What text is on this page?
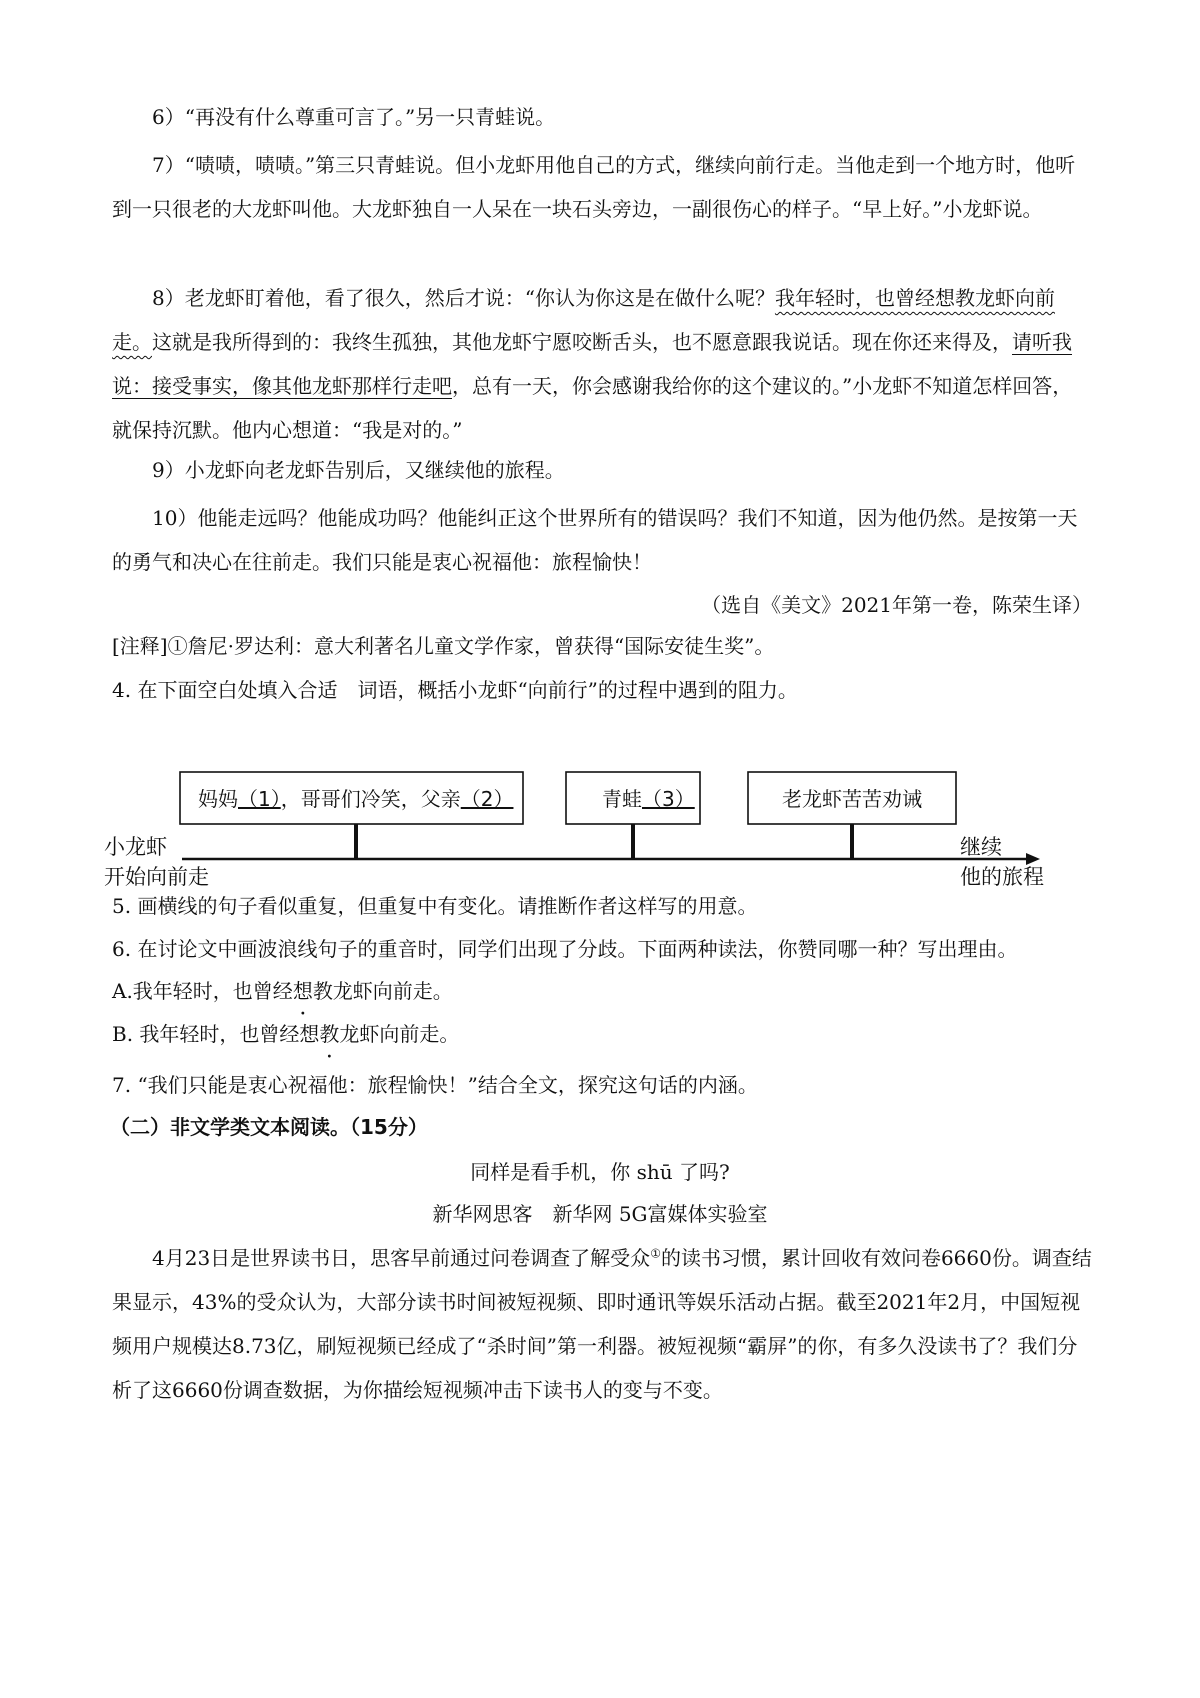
6）“再没有什么尊重可言了。”另一只青蛙说。

7）“啧啧，啧啧。”第三只青蛙说。但小龙虾用他自己的方式，继续向前行走。当他走到一个地方时，他听到一只很老的大龙虾叫他。大龙虾独自一人呆在一块石头旁边，一副很伤心的样子。“早上好。”小龙虾说。

8）老龙虾盯着他，看了很久，然后才说：“你认为你这是在做什么呢？我年轻时，也曾经想教龙虾向前走。这就是我所得到的：我终生孤独，其他龙虾宁愿咬断舌头，也不愿意跟我说话。现在你还来得及，请听我说：接受事实，像其他龙虾那样行走吧，总有一天，你会感谢我给你的这个建议的。”小龙虾不知道怎样回答，就保持沉默。他内心想道：“我是对的。”

9）小龙虾向老龙虾告别后，又继续他的旅程。

10）他能走远吗？他能成功吗？他能纠正这个世界所有的错误吗？我们不知道，因为他仍然。是按第一天的勇气和决心在往前走。我们只能是衷心祝福他：旅程愉快！

（选自《美文》2021年第一卷，陈荣生译）

[注释]①詹尼·罗达利：意大利著名儿童文学作家，曾获得“国际安徒生奖”。

4. 在下面空白处填入合适　词语，概括小龙虾“向前行”的过程中遇到的阻力。

妈妈（1），哥哥们冷笑，父亲（2）	青蛙（3）	老龙虾苦苦劝诫
小龙虾
开始向前走
继续
他的旅程

5. 画横线的句子看似重复，但重复中有变化。请推断作者这样写的用意。

6. 在讨论文中画波浪线句子的重音时，同学们出现了分歧。下面两种读法，你赞同哪一种？写出理由。

A.我年轻时，也曾经想教龙虾向前走。

B. 我年轻时，也曾经想教龙虾向前走。

7. “我们只能是衷心祝福他：旅程愉快！”结合全文，探究这句话的内涵。

（二）非文学类文本阅读。（15分）

同样是看手机，你 shū 了吗?

新华网思客　新华网 5G富媒体实验室

4月23日是世界读书日，思客早前通过问卷调查了解受众①的读书习惯，累计回收有效问卷6660份。调查结果显示，43%的受众认为，大部分读书时间被短视频、即时通讯等娱乐活动占据。截至2021年2月，中国短视频用户规模达8.73亿，刷短视频已经成了“杀时间”第一利器。被短视频“霸屏”的你，有多久没读书了？我们分析了这6660份调查数据，为你描绘短视频冲击下读书人的变与不变。
